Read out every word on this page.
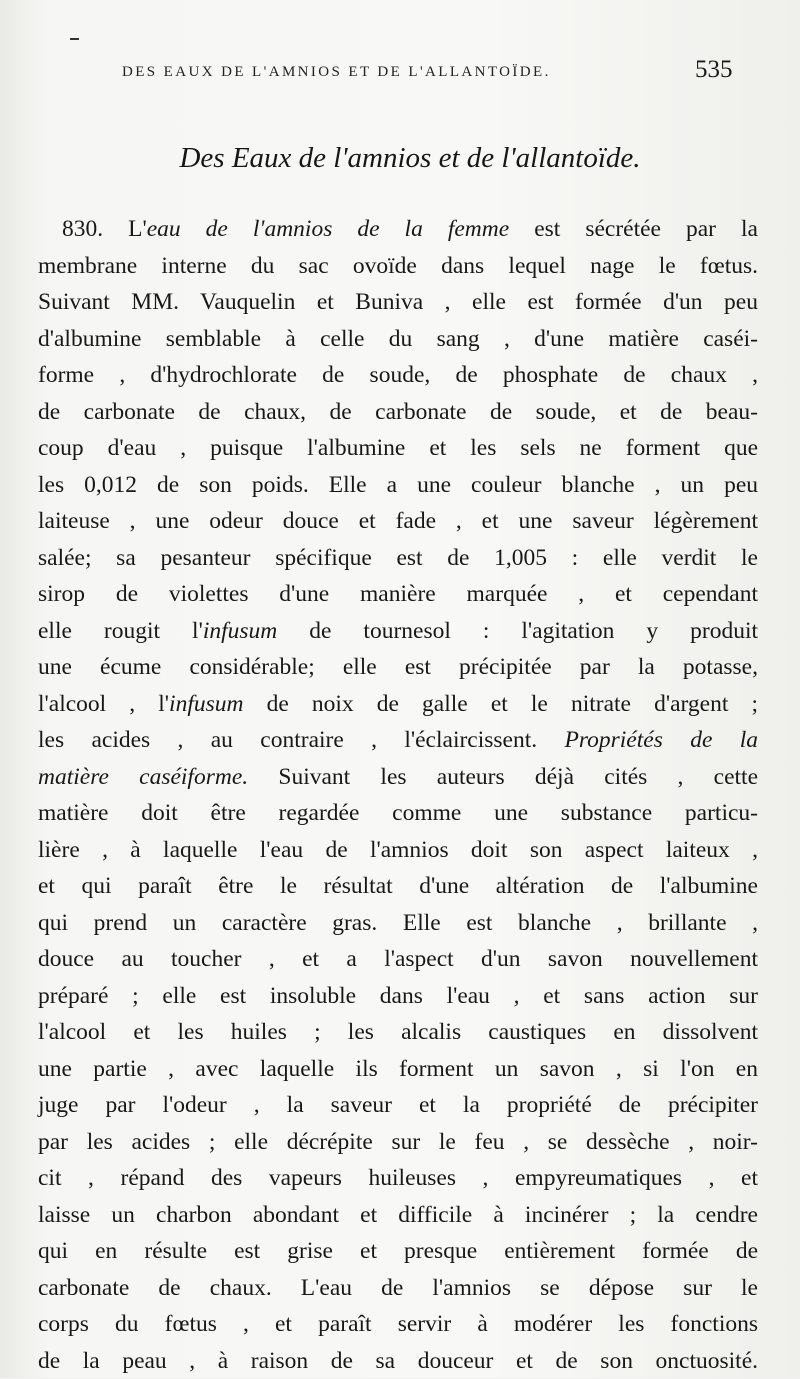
DES EAUX DE L'AMNIOS ET DE L'ALLANTOÏDE.	535
Des Eaux de l'amnios et de l'allantoïde.
830. L'eau de l'amnios de la femme est sécrétée par la
membrane interne du sac ovoïde dans lequel nage le fœtus.
Suivant MM. Vauquelin et Buniva , elle est formée d'un peu
d'albumine semblable à celle du sang , d'une matière caséi-
forme , d'hydrochlorate de soude, de phosphate de chaux ,
de carbonate de chaux, de carbonate de soude, et de beau-
coup d'eau , puisque l'albumine et les sels ne forment que
les 0,012 de son poids. Elle a une couleur blanche , un peu
laiteuse , une odeur douce et fade , et une saveur légèrement
salée; sa pesanteur spécifique est de 1,005 : elle verdit le
sirop de violettes d'une manière marquée , et cependant
elle rougit l'infusum de tournesol : l'agitation y produit
une écume considérable; elle est précipitée par la potasse,
l'alcool , l'infusum de noix de galle et le nitrate d'argent ;
les acides , au contraire , l'éclaircissent. Propriétés de la
matière caséiforme. Suivant les auteurs déjà cités , cette
matière doit être regardée comme une substance particu-
lière , à laquelle l'eau de l'amnios doit son aspect laiteux ,
et qui paraît être le résultat d'une altération de l'albumine
qui prend un caractère gras. Elle est blanche , brillante ,
douce au toucher , et a l'aspect d'un savon nouvellement
préparé ; elle est insoluble dans l'eau , et sans action sur
l'alcool et les huiles ; les alcalis caustiques en dissolvent
une partie , avec laquelle ils forment un savon , si l'on en
juge par l'odeur , la saveur et la propriété de précipiter
par les acides ; elle décrépite sur le feu , se dessèche , noir-
cit , répand des vapeurs huileuses , empyreumatiques , et
laisse un charbon abondant et difficile à incinérer ; la cendre
qui en résulte est grise et presque entièrement formée de
carbonate de chaux. L'eau de l'amnios se dépose sur le
corps du fœtus , et paraît servir à modérer les fonctions
de la peau , à raison de sa douceur et de son onctuosité.
